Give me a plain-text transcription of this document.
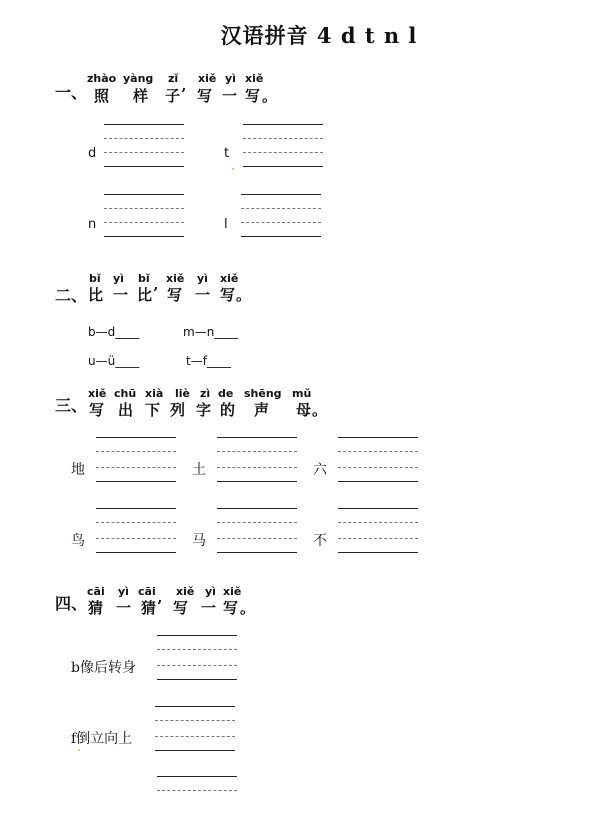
汉语拼音 4 d t n l
一、
zhào yàng zǐ xiě yì xiě
照 样 子 ’ 写 一 写 。
d	t
n	l
二、
bǐ yì bǐ xiě yì xiě
比 一 比 ’ 写 一 写 。
b—d____	m—n____
u—ü____	t—f____
三、
xiě chū xià liè zì de shēng mǔ
写 出 下 列 字 的 声 母 。
地	土	六
鸟	马	不
四、
cāi yì cāi xiě yì xiě
猜 一 猜 ’ 写 一 写 。
b像后转身
f倒立向上
